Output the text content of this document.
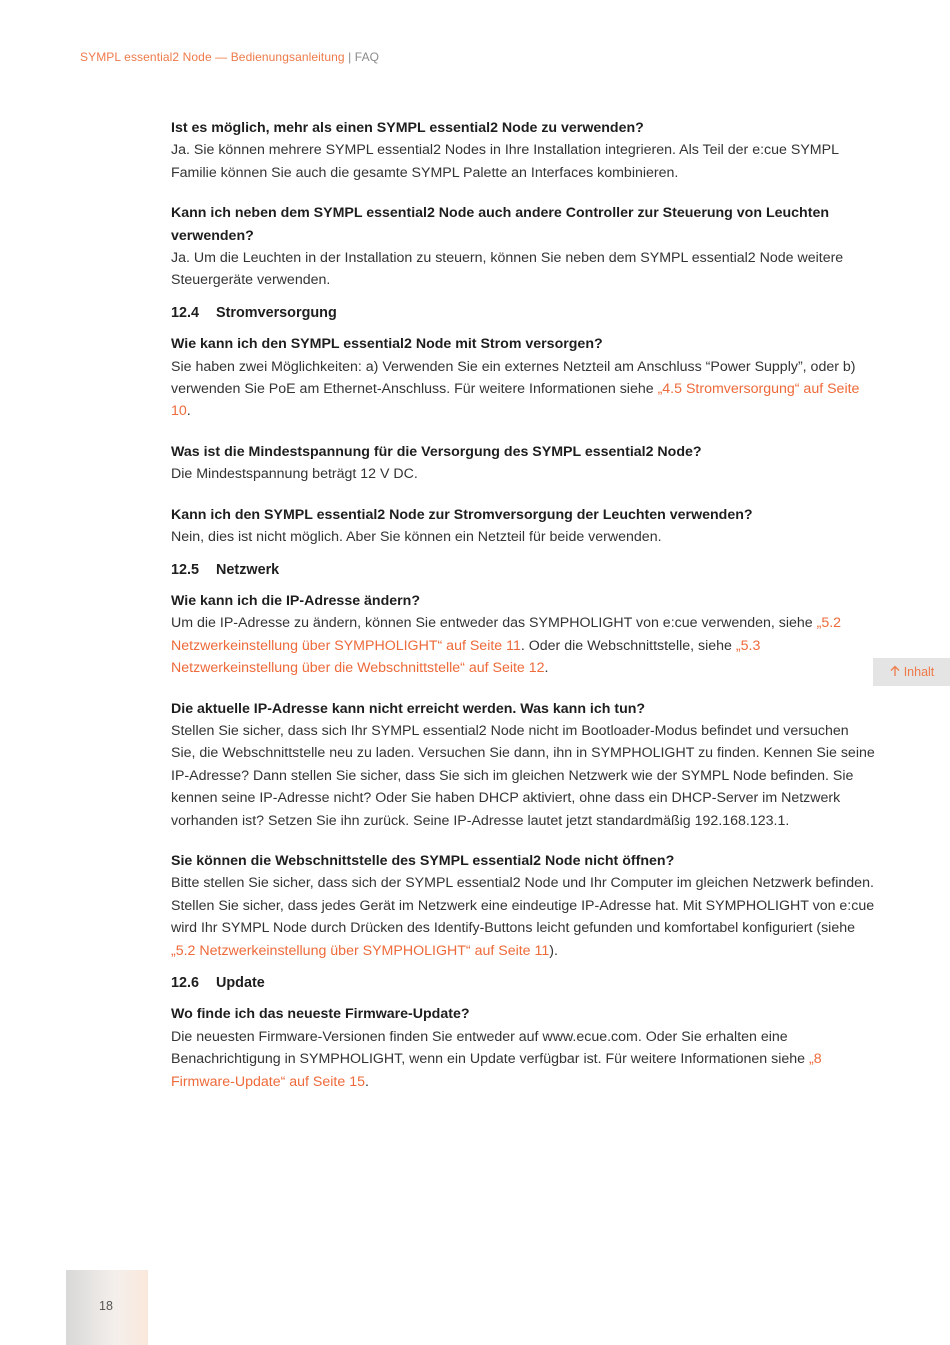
SYMPL essential2 Node — Bedienungsanleitung | FAQ
Ist es möglich, mehr als einen SYMPL essential2 Node zu verwenden?
Ja. Sie können mehrere SYMPL essential2 Nodes in Ihre Installation integrieren. Als Teil der e:cue SYMPL Familie können Sie auch die gesamte SYMPL Palette an Interfaces kombinieren.
Kann ich neben dem SYMPL essential2 Node auch andere Controller zur Steuerung von Leuchten verwenden?
Ja. Um die Leuchten in der Installation zu steuern, können Sie neben dem SYMPL essential2 Node weitere Steuergeräte verwenden.
12.4 Stromversorgung
Wie kann ich den SYMPL essential2 Node mit Strom versorgen?
Sie haben zwei Möglichkeiten: a) Verwenden Sie ein externes Netzteil am Anschluss “Power Supply”, oder b) verwenden Sie PoE am Ethernet-Anschluss. Für weitere Informationen siehe „4.5 Stromversorgung“ auf Seite 10.
Was ist die Mindestspannung für die Versorgung des SYMPL essential2 Node?
Die Mindestspannung beträgt 12 V DC.
Kann ich den SYMPL essential2 Node zur Stromversorgung der Leuchten verwenden?
Nein, dies ist nicht möglich. Aber Sie können ein Netzteil für beide verwenden.
12.5 Netzwerk
Wie kann ich die IP-Adresse ändern?
Um die IP-Adresse zu ändern, können Sie entweder das SYMPHOLIGHT von e:cue verwenden, siehe „5.2 Netzwerkeinstellung über SYMPHOLIGHT“ auf Seite 11. Oder die Webschnittstelle, siehe „5.3 Netzwerkeinstellung über die Webschnittstelle“ auf Seite 12.
Die aktuelle IP-Adresse kann nicht erreicht werden. Was kann ich tun?
Stellen Sie sicher, dass sich Ihr SYMPL essential2 Node nicht im Bootloader-Modus befindet und versuchen Sie, die Webschnittstelle neu zu laden. Versuchen Sie dann, ihn in SYMPHOLIGHT zu finden. Kennen Sie seine IP-Adresse? Dann stellen Sie sicher, dass Sie sich im gleichen Netzwerk wie der SYMPL Node befinden. Sie kennen seine IP-Adresse nicht? Oder Sie haben DHCP aktiviert, ohne dass ein DHCP-Server im Netzwerk vorhanden ist? Setzen Sie ihn zurück. Seine IP-Adresse lautet jetzt standardmäßig 192.168.123.1.
Sie können die Webschnittstelle des SYMPL essential2 Node nicht öffnen?
Bitte stellen Sie sicher, dass sich der SYMPL essential2 Node und Ihr Computer im gleichen Netzwerk befinden. Stellen Sie sicher, dass jedes Gerät im Netzwerk eine eindeutige IP-Adresse hat. Mit SYMPHOLIGHT von e:cue wird Ihr SYMPL Node durch Drücken des Identify-Buttons leicht gefunden und komfortabel konfiguriert (siehe „5.2 Netzwerkeinstellung über SYMPHOLIGHT“ auf Seite 11).
12.6 Update
Wo finde ich das neueste Firmware-Update?
Die neuesten Firmware-Versionen finden Sie entweder auf www.ecue.com. Oder Sie erhalten eine Benachrichtigung in SYMPHOLIGHT, wenn ein Update verfügbar ist. Für weitere Informationen siehe „8 Firmware-Update“ auf Seite 15.
Inhalt
18
